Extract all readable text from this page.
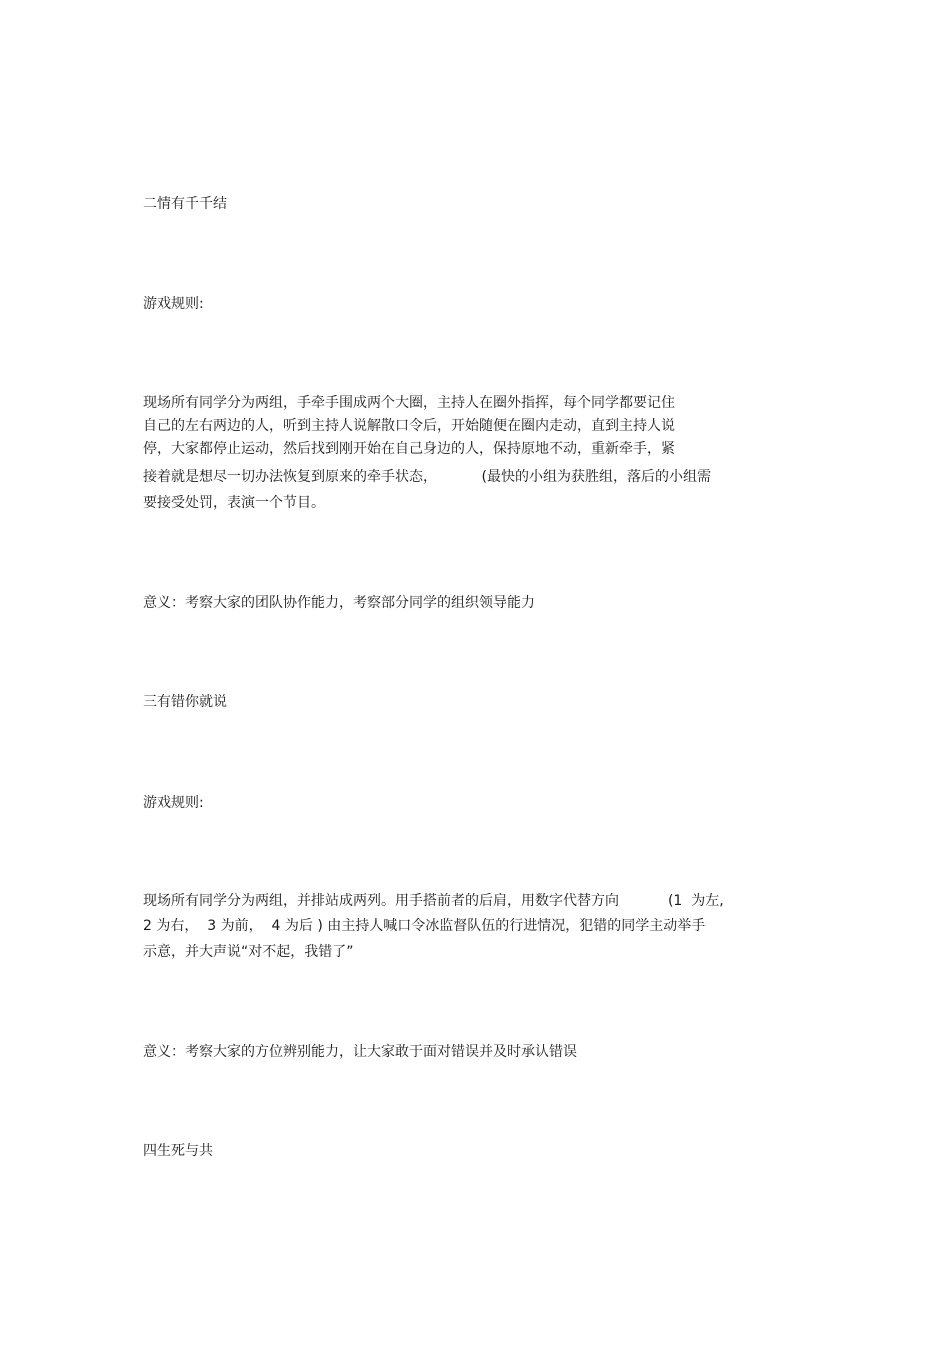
二情有千千结

游戏规则:

现场所有同学分为两组，手牵手围成两个大圈，主持人在圈外指挥，每个同学都要记住

自己的左右两边的人，听到主持人说解散口令后，开始随便在圈内走动，直到主持人说

停，大家都停止运动，然后找到刚开始在自己身边的人，保持原地不动，重新牵手，紧

接着就是想尽一切办法恢复到原来的牵手状态，          (最快的小组为获胜组，落后的小组需

要接受处罚，表演一个节目。

意义：考察大家的团队协作能力，考察部分同学的组织领导能力

三有错你就说

游戏规则:

现场所有同学分为两组，并排站成两列。用手搭前者的后肩，用数字代替方向           (1  为左,

2 为右，  3 为前，  4 为后 ) 由主持人喊口令冰监督队伍的行进情况，犯错的同学主动举手

示意，并大声说“对不起，我错了”

意义：考察大家的方位辨别能力，让大家敢于面对错误并及时承认错误

四生死与共
